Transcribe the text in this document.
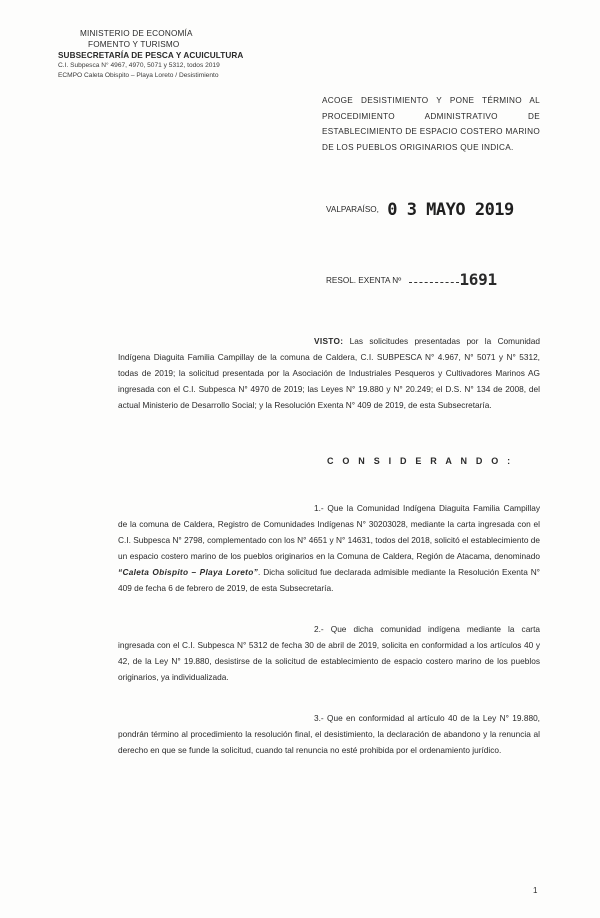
MINISTERIO DE ECONOMÍA
FOMENTO Y TURISMO
SUBSECRETARÍA DE PESCA Y ACUICULTURA
C.I. Subpesca N° 4967, 4970, 5071 y 5312, todos 2019
ECMPO Caleta Obispito – Playa Loreto / Desistimiento
ACOGE DESISTIMIENTO Y PONE TÉRMINO AL PROCEDIMIENTO ADMINISTRATIVO DE ESTABLECIMIENTO DE ESPACIO COSTERO MARINO DE LOS PUEBLOS ORIGINARIOS QUE INDICA.
VALPARAÍSO, 0 3 MAYO 2019
RESOL. EXENTA Nº	1691
VISTO: Las solicitudes presentadas por la Comunidad Indígena Diaguita Familia Campillay de la comuna de Caldera, C.I. SUBPESCA N° 4.967, N° 5071 y N° 5312, todas de 2019; la solicitud presentada por la Asociación de Industriales Pesqueros y Cultivadores Marinos AG ingresada con el C.I. Subpesca N° 4970 de 2019; las Leyes N° 19.880 y N° 20.249; el D.S. N° 134 de 2008, del actual Ministerio de Desarrollo Social; y la Resolución Exenta N° 409 de 2019, de esta Subsecretaría.
C O N S I D E R A N D O :
1.- Que la Comunidad Indígena Diaguita Familia Campillay de la comuna de Caldera, Registro de Comunidades Indígenas N° 30203028, mediante la carta ingresada con el C.I. Subpesca N° 2798, complementado con los N° 4651 y N° 14631, todos del 2018, solicitó el establecimiento de un espacio costero marino de los pueblos originarios en la Comuna de Caldera, Región de Atacama, denominado “Caleta Obispito – Playa Loreto”. Dicha solicitud fue declarada admisible mediante la Resolución Exenta N° 409 de fecha 6 de febrero de 2019, de esta Subsecretaría.
2.- Que dicha comunidad indígena mediante la carta ingresada con el C.I. Subpesca N° 5312 de fecha 30 de abril de 2019, solicita en conformidad a los artículos 40 y 42, de la Ley N° 19.880, desistirse de la solicitud de establecimiento de espacio costero marino de los pueblos originarios, ya individualizada.
3.- Que en conformidad al artículo 40 de la Ley N° 19.880, pondrán término al procedimiento la resolución final, el desistimiento, la declaración de abandono y la renuncia al derecho en que se funde la solicitud, cuando tal renuncia no esté prohibida por el ordenamiento jurídico.
1
